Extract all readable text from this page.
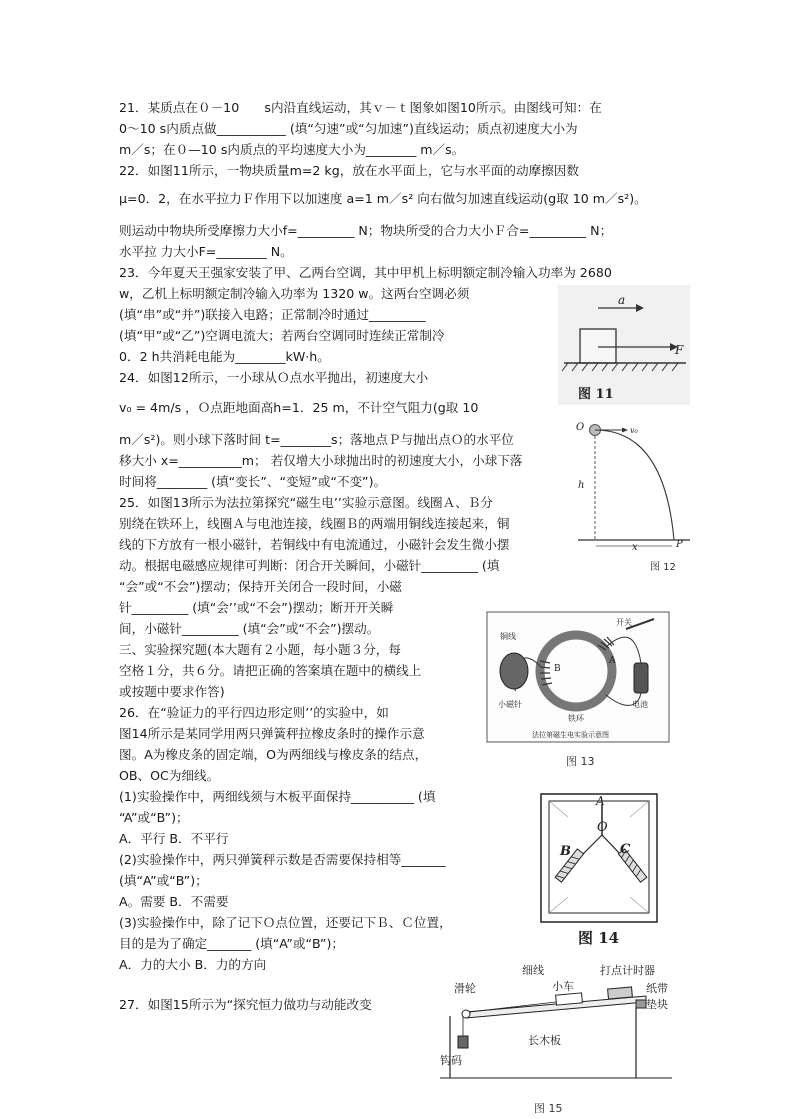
21．某质点在０－10　　s内沿直线运动，其ｖ－ｔ图象如图10所示。由图线可知：在
0～10 s内质点做___________ (填“匀速”或“匀加速”)直线运动；质点初速度大小为
m／s；在０—10 s内质点的平均速度大小为________ m／s。
22．如图11所示，一物块质量m=2 kg，放在水平面上，它与水平面的动摩擦因数
μ=0．2，在水平拉力Ｆ作用下以加速度 a=1 m／s² 向右做匀加速直线运动(g取 10 m／s²)。
则运动中物块所受摩擦力大小f=_________ N；物块所受的合力大小Ｆ合=_________ N；
水平拉 力大小F=________ N。
23．今年夏天王强家安装了甲、乙两台空调，其中甲机上标明额定制冷输入功率为 2680
w，乙机上标明额定制冷输入功率为 1320 w。这两台空调必须
(填“串”或“并”)联接入电路；正常制冷时通过_________
(填“甲”或“乙”)空调电流大；若两台空调同时连续正常制冷
0．2 h共消耗电能为________kW·h。
24．如图12所示，一小球从Ｏ点水平抛出，初速度大小
v₀ = 4m/s ，Ｏ点距地面高h=1．25 m，不计空气阻力(g取 10
m／s²)。则小球下落时间 t=________s；落地点Ｐ与抛出点Ｏ的水平位
移大小 x=__________m； 若仅增大小球抛出时的初速度大小，小球下落
时间将________ (填“变长”、“变短”或“不变”)。
25．如图13所示为法拉第探究“磁生电’’实验示意图。线圈Ａ、Ｂ分
别绕在铁环上，线圈Ａ与电池连接，线圈Ｂ的两端用铜线连接起来，铜
线的下方放有一根小磁针，若铜线中有电流通过，小磁针会发生微小摆
动。根据电磁感应规律可判断：闭合开关瞬间，小磁针_________ (填
“会”或“不会”)摆动；保持开关闭合一段时间，小磁
针_________ (填“会’’或“不会”)摆动；断开开关瞬
间，小磁针_________ (填“会”或“不会”)摆动。
三、实验探究题(本大题有２小题，每小题３分，每
空格１分，共６分。请把正确的答案填在题中的横线上
或按题中要求作答)
26．在“验证力的平行四边形定则’’的实验中，如
图14所示是某同学用两只弹簧秤拉橡皮条时的操作示意
图。A为橡皮条的固定端，O为两细线与橡皮条的结点，
OB、OC为细线。
(1)实验操作中，两细线须与木板平面保持__________ (填
“A”或“B”)；
A．平行 B．不平行
(2)实验操作中，两只弹簧秤示数是否需要保持相等_______
(填“A”或“B”)；
A。需要 B．不需要
(3)实验操作中，除了记下Ｏ点位置，还要记下Ｂ、Ｃ位置，
目的是为了确定_______ (填“A”或“B”)；
A．力的大小 B．力的方向
27．如图15所示为“探究恒力做功与动能改变
a
F
图 11
O	v₀
h
x	P
图 12
A
B
开关
铜线
小磁针
铁环
电池
法拉第磁生电实验示意图
图 13
A
O
B	C
图 14
细线	打点计时器
小车
滑轮	纸带
垫块
钩码
长木板
图 15
